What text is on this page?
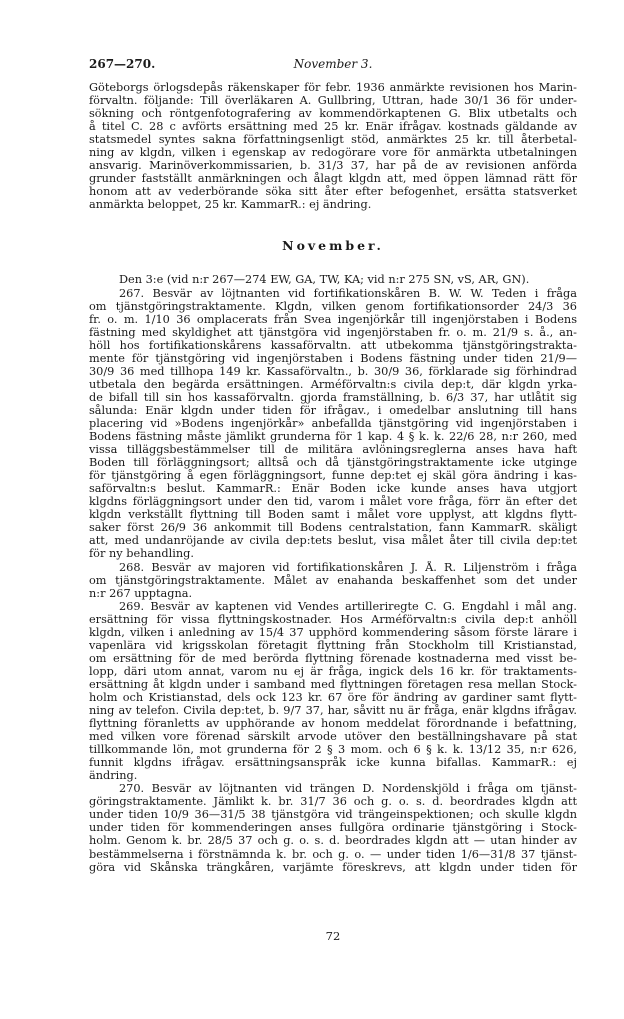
267—270.	November 3.
Göteborgs örlogsdepås räkenskaper för febr. 1936 anmärkte revisionen hos Marin-
förvaltn. följande: Till överläkaren A. Gullbring, Uttran, hade 30/1 36 för under-
sökning och röntgenfotografering av kommendörkaptenen G. Blix utbetalts och
å titel C. 28 c avförts ersättning med 25 kr. Enär ifrågav. kostnads gäldande av
statsmedel syntes sakna författningsenligt stöd, anmärktes 25 kr. till återbetal-
ning av klgdn, vilken i egenskap av redogörare vore för anmärkta utbetalningen
ansvarig. Marinöverkommissarien, b. 31/3 37, har på de av revisionen anförda
grunder fastställt anmärkningen och ålagt klgdn att, med öppen lämnad rätt för
honom att av vederbörande söka sitt åter efter befogenhet, ersätta statsverket
anmärkta beloppet, 25 kr. KammarR.: ej ändring.
November.
Den 3:e (vid n:r 267—274 EW, GA, TW, KA; vid n:r 275 SN, vS, AR, GN).
267. Besvär av löjtnanten vid fortifikationskåren B. W. W. Teden i fråga
om tjänstgöringstraktamente. Klgdn, vilken genom fortifikationsorder 24/3 36
fr. o. m. 1/10 36 omplacerats från Svea ingenjörkår till ingenjörstaben i Bodens
fästning med skyldighet att tjänstgöra vid ingenjörstaben fr. o. m. 21/9 s. å., an-
höll hos fortifikationskårens kassaförvaltn. att utbekomma tjänstgöringstrakta-
mente för tjänstgöring vid ingenjörstaben i Bodens fästning under tiden 21/9—
30/9 36 med tillhopa 149 kr. Kassaförvaltn., b. 30/9 36, förklarade sig förhindrad
utbetala den begärda ersättningen. Arméförvaltn:s civila dep:t, där klgdn yrka-
de bifall till sin hos kassaförvaltn. gjorda framställning, b. 6/3 37, har utlåtit sig
sålunda: Enär klgdn under tiden för ifrågav., i omedelbar anslutning till hans
placering vid »Bodens ingenjörkår» anbefallda tjänstgöring vid ingenjörstaben i
Bodens fästning måste jämlikt grunderna för 1 kap. 4 § k. k. 22/6 28, n:r 260, med
vissa tilläggsbestämmelser till de militära avlöningsreglerna anses hava haft
Boden till förläggningsort; alltså och då tjänstgöringstraktamente icke utginge
för tjänstgöring å egen förläggningsort, funne dep:tet ej skäl göra ändring i kas-
saförvaltn:s beslut. KammarR.: Enär Boden icke kunde anses hava utgjort
klgdns förläggningsort under den tid, varom i målet vore fråga, förr än efter det
klgdn verkställt flyttning till Boden samt i målet vore upplyst, att klgdns flytt-
saker först 26/9 36 ankommit till Bodens centralstation, fann KammarR. skäligt
att, med undanröjande av civila dep:tets beslut, visa målet åter till civila dep:tet
för ny behandling.
268. Besvär av majoren vid fortifikationskåren J. Å. R. Liljenström i fråga
om tjänstgöringstraktamente. Målet av enahanda beskaffenhet som det under
n:r 267 upptagna.
269. Besvär av kaptenen vid Vendes artilleriregte C. G. Engdahl i mål ang.
ersättning för vissa flyttningskostnader. Hos Arméförvaltn:s civila dep:t anhöll
klgdn, vilken i anledning av 15/4 37 upphörd kommendering såsom förste lärare i
vapenlära vid krigsskolan företagit flyttning från Stockholm till Kristianstad,
om ersättning för de med berörda flyttning förenade kostnaderna med visst be-
lopp, däri utom annat, varom nu ej är fråga, ingick dels 16 kr. för traktaments-
ersättning åt klgdn under i samband med flyttningen företagen resa mellan Stock-
holm och Kristianstad, dels ock 123 kr. 67 öre för ändring av gardiner samt flytt-
ning av telefon. Civila dep:tet, b. 9/7 37, har, såvitt nu är fråga, enär klgdns ifrågav.
flyttning föranletts av upphörande av honom meddelat förordnande i befattning,
med vilken vore förenad särskilt arvode utöver den beställningshavare på stat
tillkommande lön, mot grunderna för 2 § 3 mom. och 6 § k. k. 13/12 35, n:r 626,
funnit klgdns ifrågav. ersättningsanspråk icke kunna bifallas. KammarR.: ej
ändring.
270. Besvär av löjtnanten vid trängen D. Nordenskjöld i fråga om tjänst-
göringstraktamente. Jämlikt k. br. 31/7 36 och g. o. s. d. beordrades klgdn att
under tiden 10/9 36—31/5 38 tjänstgöra vid trängeinspektionen; och skulle klgdn
under tiden för kommenderingen anses fullgöra ordinarie tjänstgöring i Stock-
holm. Genom k. br. 28/5 37 och g. o. s. d. beordrades klgdn att — utan hinder av
bestämmelserna i förstnämnda k. br. och g. o. — under tiden 1/6—31/8 37 tjänst-
göra vid Skånska trängkåren, varjämte föreskrevs, att klgdn under tiden för
72
